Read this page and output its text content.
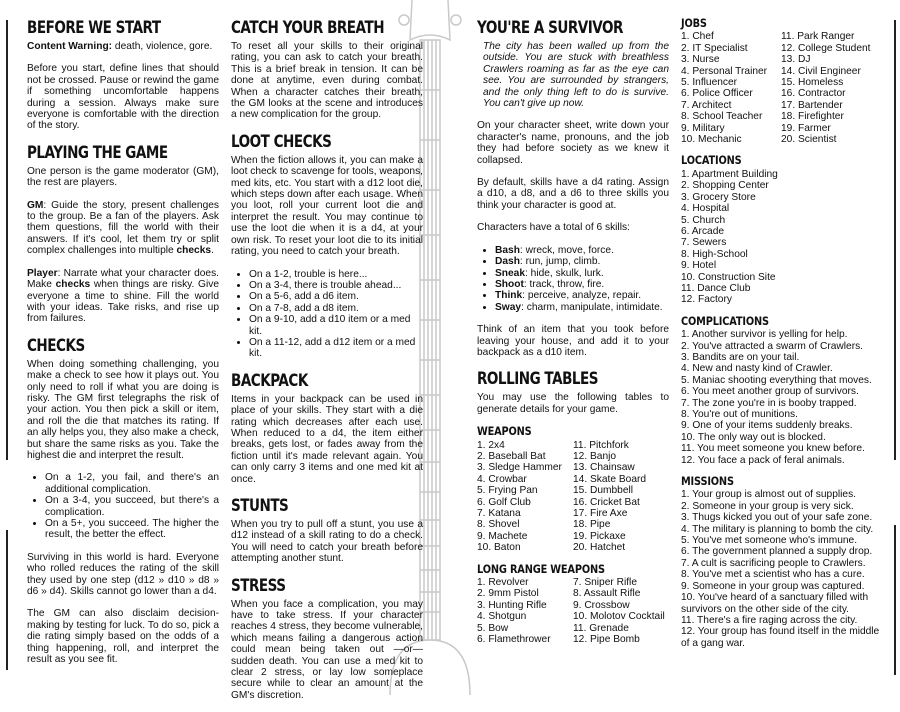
BEFORE WE START

Content Warning: death, violence, gore.

Before you start, define lines that should not be crossed. Pause or rewind the game if something uncomfortable happens during a session. Always make sure everyone is comfortable with the direction of the story.

PLAYING THE GAME

One person is the game moderator (GM), the rest are players.

GM: Guide the story, present challenges to the group. Be a fan of the players. Ask them questions, fill the world with their answers. If it's cool, let them try or split complex challenges into multiple checks.

Player: Narrate what your character does. Make checks when things are risky. Give everyone a time to shine. Fill the world with your ideas. Take risks, and rise up from failures.

CHECKS

When doing something challenging, you make a check to see how it plays out. You only need to roll if what you are doing is risky. The GM first telegraphs the risk of your action. You then pick a skill or item, and roll the die that matches its rating. If an ally helps you, they also make a check, but share the same risks as you. Take the highest die and interpret the result.

• On a 1-2, you fail, and there's an additional complication.
• On a 3-4, you succeed, but there's a complication.
• On a 5+, you succeed. The higher the result, the better the effect.

Surviving in this world is hard. Everyone who rolled reduces the rating of the skill they used by one step (d12 » d10 » d8 » d6 » d4). Skills cannot go lower than a d4.

The GM can also disclaim decision-making by testing for luck. To do so, pick a die rating simply based on the odds of a thing happening, roll, and interpret the result as you see fit.

CATCH YOUR BREATH

To reset all your skills to their original rating, you can ask to catch your breath. This is a brief break in tension. It can be done at anytime, even during combat. When a character catches their breath, the GM looks at the scene and introduces a new complication for the group.

LOOT CHECKS

When the fiction allows it, you can make a loot check to scavenge for tools, weapons, med kits, etc. You start with a d12 loot die, which steps down after each usage. When you loot, roll your current loot die and interpret the result. You may continue to use the loot die when it is a d4, at your own risk. To reset your loot die to its initial rating, you need to catch your breath.

• On a 1-2, trouble is here...
• On a 3-4, there is trouble ahead...
• On a 5-6, add a d6 item.
• On a 7-8, add a d8 item.
• On a 9-10, add a d10 item or a med kit.
• On a 11-12, add a d12 item or a med kit.
BACKPACK

Items in your backpack can be used in place of your skills. They start with a die rating which decreases after each use. When reduced to a d4, the item either breaks, gets lost, or fades away from the fiction until it's made relevant again. You can only carry 3 items and one med kit at once.

STUNTS

When you try to pull off a stunt, you use a d12 instead of a skill rating to do a check. You will need to catch your breath before attempting another stunt.

STRESS

When you face a complication, you may have to take stress. If your character reaches 4 stress, they become vulnerable, which means failing a dangerous action could mean being taken out —or— sudden death. You can use a med kit to clear 2 stress, or lay low someplace secure while to clear an amount at the GM's discretion.

YOU'RE A SURVIVOR

The city has been walled up from the outside. You are stuck with breathless Crawlers roaming as far as the eye can see. You are surrounded by strangers, and the only thing left to do is survive. You can't give up now.

On your character sheet, write down your character's name, pronouns, and the job they had before society as we knew it collapsed.

By default, skills have a d4 rating. Assign a d10, a d8, and a d6 to three skills you think your character is good at.

Characters have a total of 6 skills:

• Bash: wreck, move, force.
• Dash: run, jump, climb.
• Sneak: hide, skulk, lurk.
• Shoot: track, throw, fire.
• Think: perceive, analyze, repair.
• Sway: charm, manipulate, intimidate.

Think of an item that you took before leaving your house, and add it to your backpack as a d10 item.

ROLLING TABLES

You may use the following tables to generate details for your game.

WEAPONS
1. 2x4
2. Baseball Bat
3. Sledge Hammer
4. Crowbar
5. Frying Pan
6. Golf Club
7. Katana
8. Shovel
9. Machete
10. Baton
11. Pitchfork
12. Banjo
13. Chainsaw
14. Skate Board
15. Dumbbell
16. Cricket Bat
17. Fire Axe
18. Pipe
19. Pickaxe
20. Hatchet
LONG RANGE WEAPONS
1. Revolver
2. 9mm Pistol
3. Hunting Rifle
4. Shotgun
5. Bow
6. Flamethrower
7. Sniper Rifle
8. Assault Rifle
9. Crossbow
10. Molotov Cocktail
11. Grenade
12. Pipe Bomb
JOBS
1. Chef
2. IT Specialist
3. Nurse
4. Personal Trainer
5. Influencer
6. Police Officer
7. Architect
8. School Teacher
9. Military
10. Mechanic
11. Park Ranger
12. College Student
13. DJ
14. Civil Engineer
15. Homeless
16. Contractor
17. Bartender
18. Firefighter
19. Farmer
20. Scientist
LOCATIONS
1. Apartment Building
2. Shopping Center
3. Grocery Store
4. Hospital
5. Church
6. Arcade
7. Sewers
8. High-School
9. Hotel
10. Construction Site
11. Dance Club
12. Factory
COMPLICATIONS
1. Another survivor is yelling for help.
2. You've attracted a swarm of Crawlers.
3. Bandits are on your tail.
4. New and nasty kind of Crawler.
5. Maniac shooting everything that moves.
6. You meet another group of survivors.
7. The zone you're in is booby trapped.
8. You're out of munitions.
9. One of your items suddenly breaks.
10. The only way out is blocked.
11. You meet someone you knew before.
12. You face a pack of feral animals.
MISSIONS
1. Your group is almost out of supplies.
2. Someone in your group is very sick.
3. Thugs kicked you out of your safe zone.
4. The military is planning to bomb the city.
5. You've met someone who's immune.
6. The government planned a supply drop.
7. A cult is sacrificing people to Crawlers.
8. You've met a scientist who has a cure.
9. Someone in your group was captured.
10. You've heard of a sanctuary filled with survivors on the other side of the city.
11. There's a fire raging across the city.
12. Your group has found itself in the middle of a gang war.
